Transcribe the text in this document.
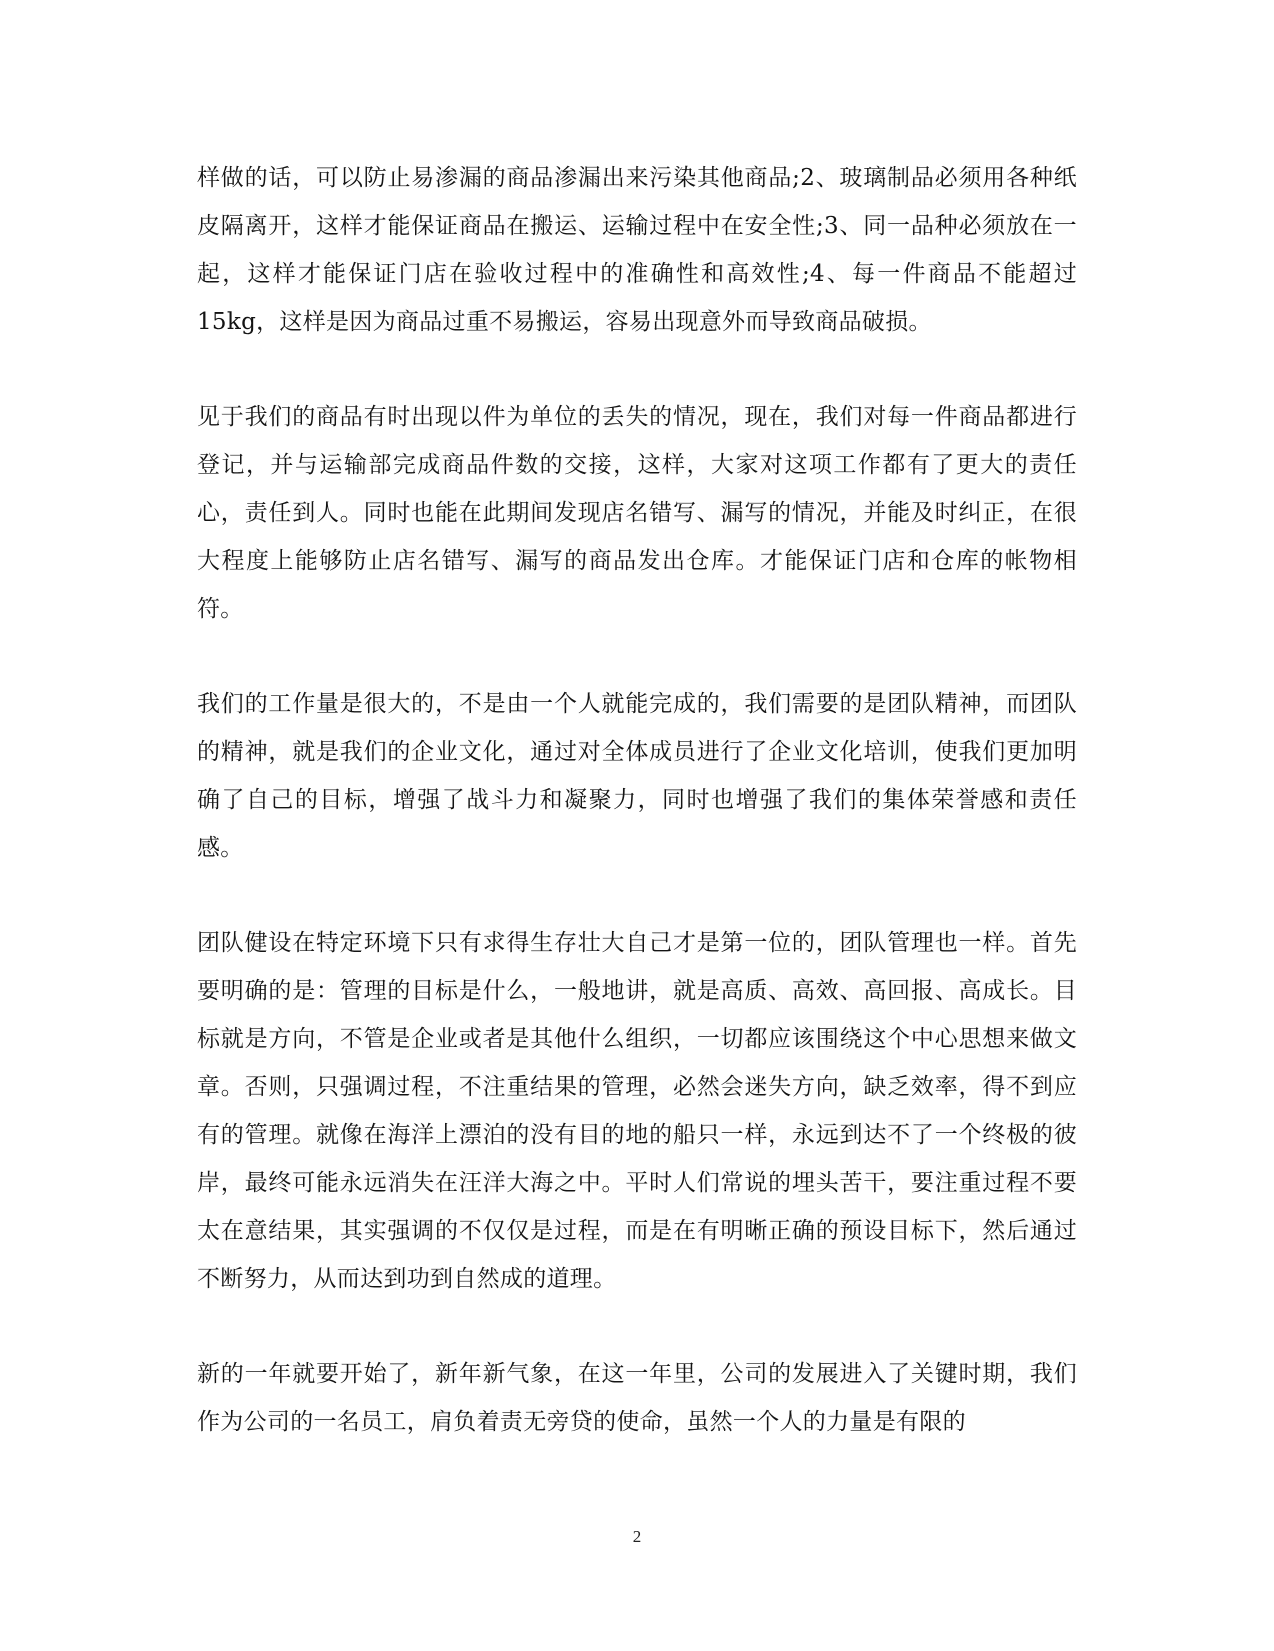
样做的话，可以防止易渗漏的商品渗漏出来污染其他商品;2、玻璃制品必须用各种纸皮隔离开，这样才能保证商品在搬运、运输过程中在安全性;3、同一品种必须放在一起，这样才能保证门店在验收过程中的准确性和高效性;4、每一件商品不能超过15kg，这样是因为商品过重不易搬运，容易出现意外而导致商品破损。

见于我们的商品有时出现以件为单位的丢失的情况，现在，我们对每一件商品都进行登记，并与运输部完成商品件数的交接，这样，大家对这项工作都有了更大的责任心，责任到人。同时也能在此期间发现店名错写、漏写的情况，并能及时纠正，在很大程度上能够防止店名错写、漏写的商品发出仓库。才能保证门店和仓库的帐物相符。

我们的工作量是很大的，不是由一个人就能完成的，我们需要的是团队精神，而团队的精神，就是我们的企业文化，通过对全体成员进行了企业文化培训，使我们更加明确了自己的目标，增强了战斗力和凝聚力，同时也增强了我们的集体荣誉感和责任感。

团队健设在特定环境下只有求得生存壮大自己才是第一位的，团队管理也一样。首先要明确的是：管理的目标是什么，一般地讲，就是高质、高效、高回报、高成长。目标就是方向，不管是企业或者是其他什么组织，一切都应该围绕这个中心思想来做文章。否则，只强调过程，不注重结果的管理，必然会迷失方向，缺乏效率，得不到应有的管理。就像在海洋上漂泊的没有目的地的船只一样，永远到达不了一个终极的彼岸，最终可能永远消失在汪洋大海之中。平时人们常说的埋头苦干，要注重过程不要太在意结果，其实强调的不仅仅是过程，而是在有明晰正确的预设目标下，然后通过不断努力，从而达到功到自然成的道理。

新的一年就要开始了，新年新气象，在这一年里，公司的发展进入了关键时期，我们作为公司的一名员工，肩负着责无旁贷的使命，虽然一个人的力量是有限的

2
